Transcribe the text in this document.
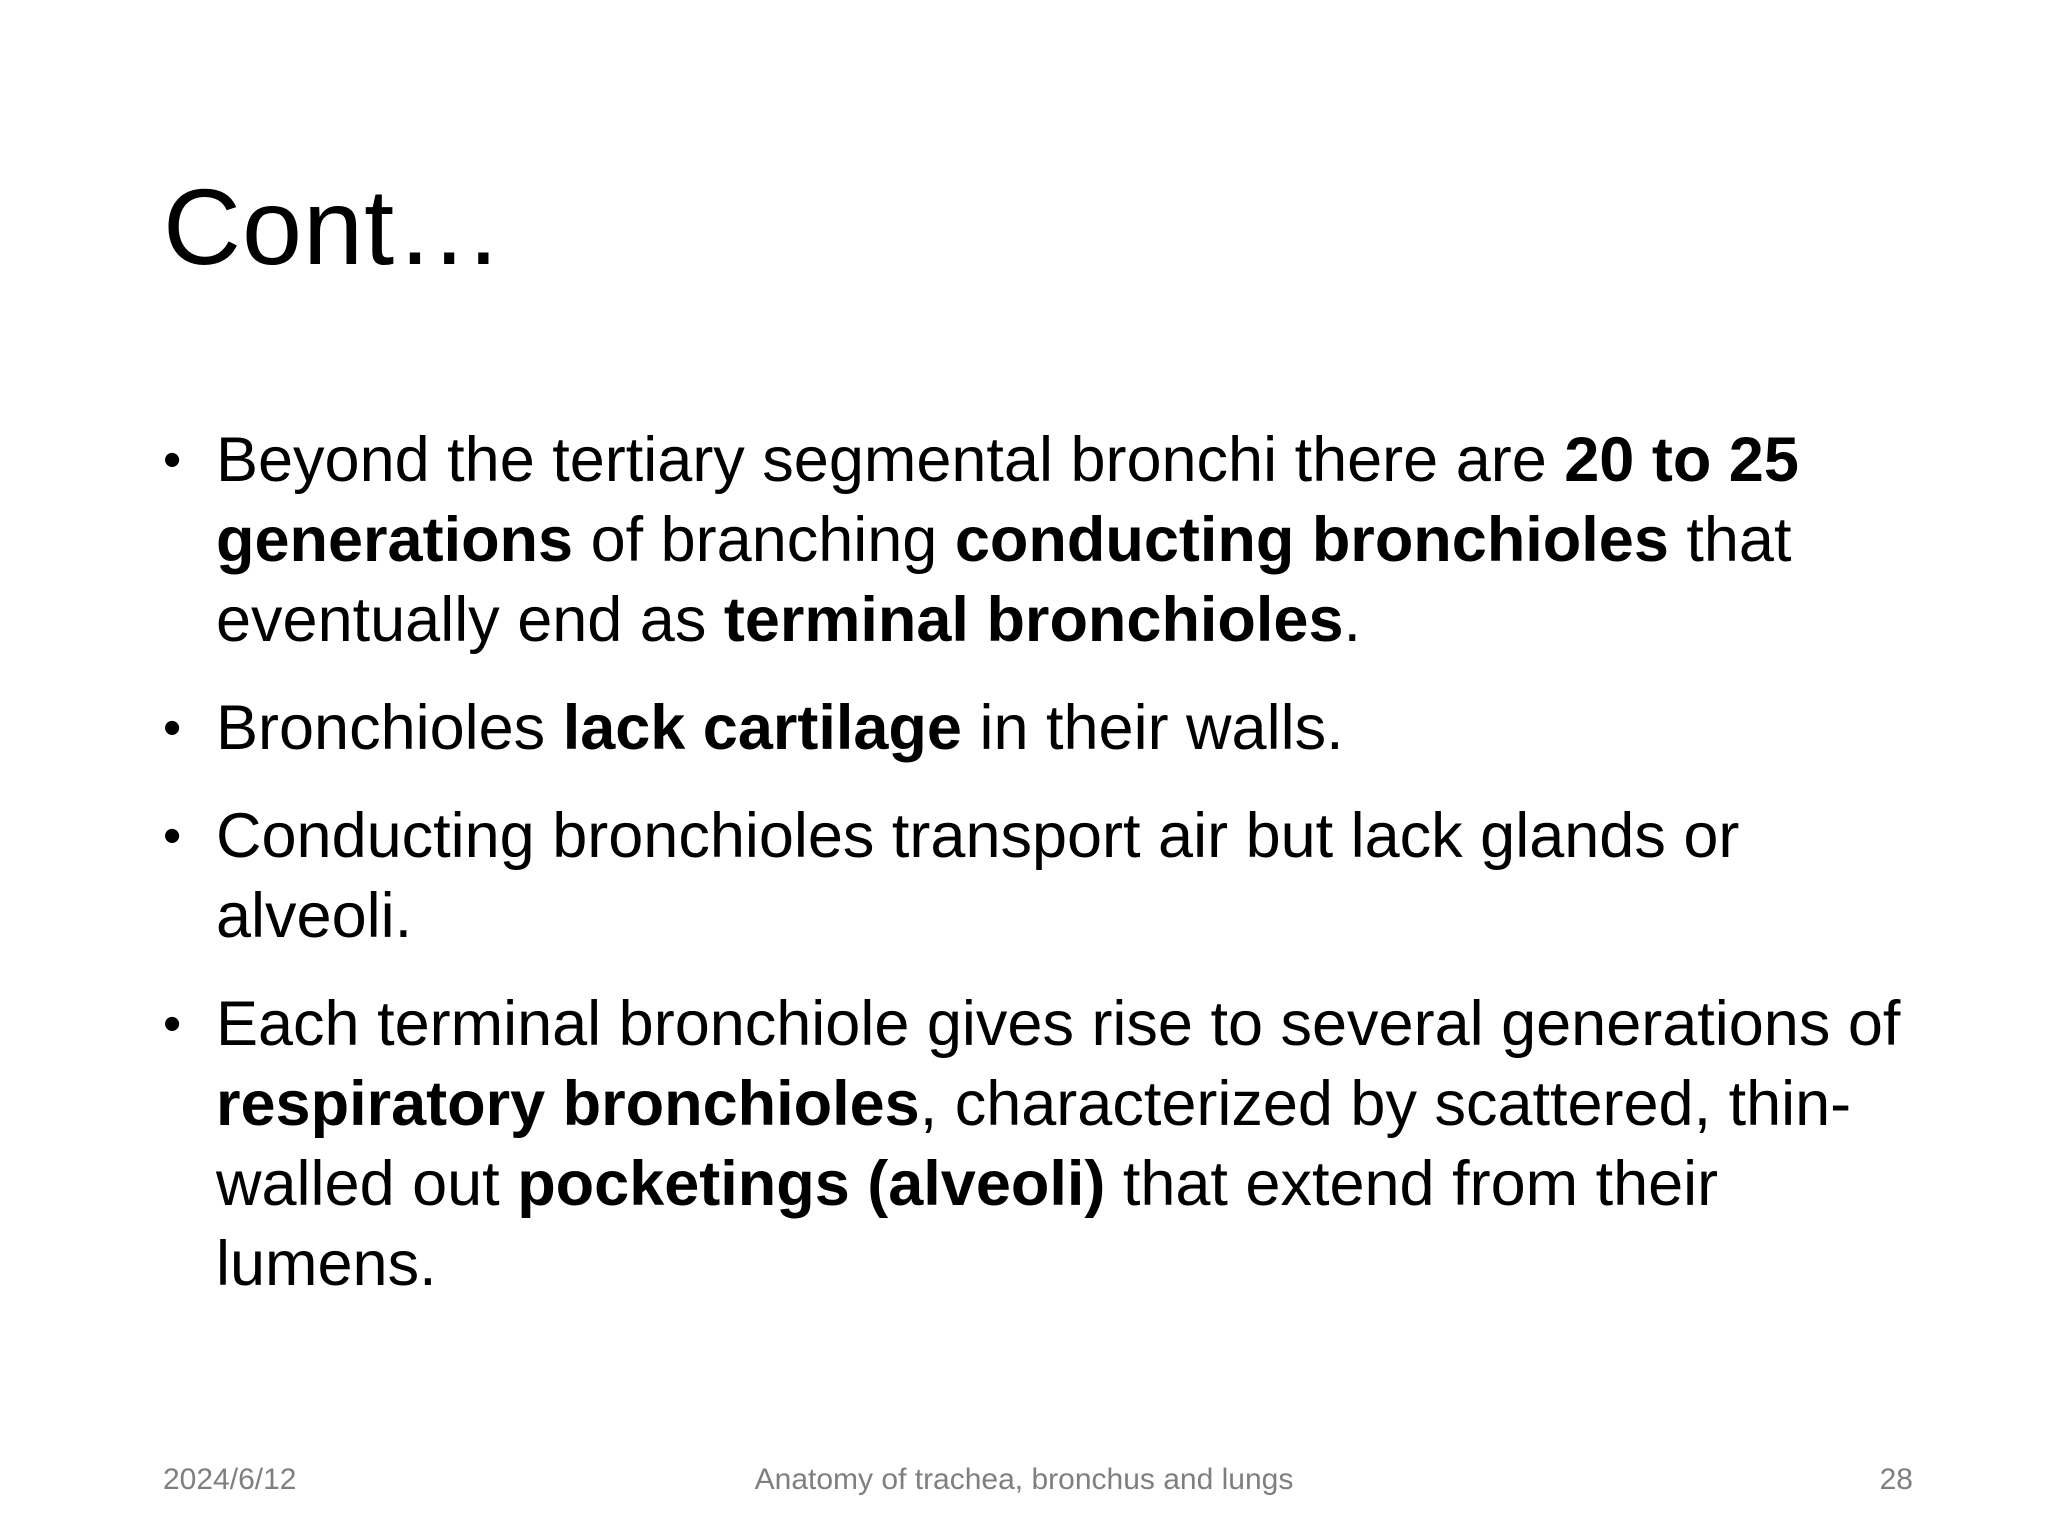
Cont…
• Beyond the tertiary segmental bronchi there are 20 to 25 generations of branching conducting bronchioles that eventually end as terminal bronchioles.
• Bronchioles lack cartilage in their walls.
• Conducting bronchioles transport air but lack glands or alveoli.
• Each terminal bronchiole gives rise to several generations of respiratory bronchioles, characterized by scattered, thin-walled out pocketings (alveoli) that extend from their lumens.
2024/6/12	Anatomy of trachea, bronchus and lungs	28
